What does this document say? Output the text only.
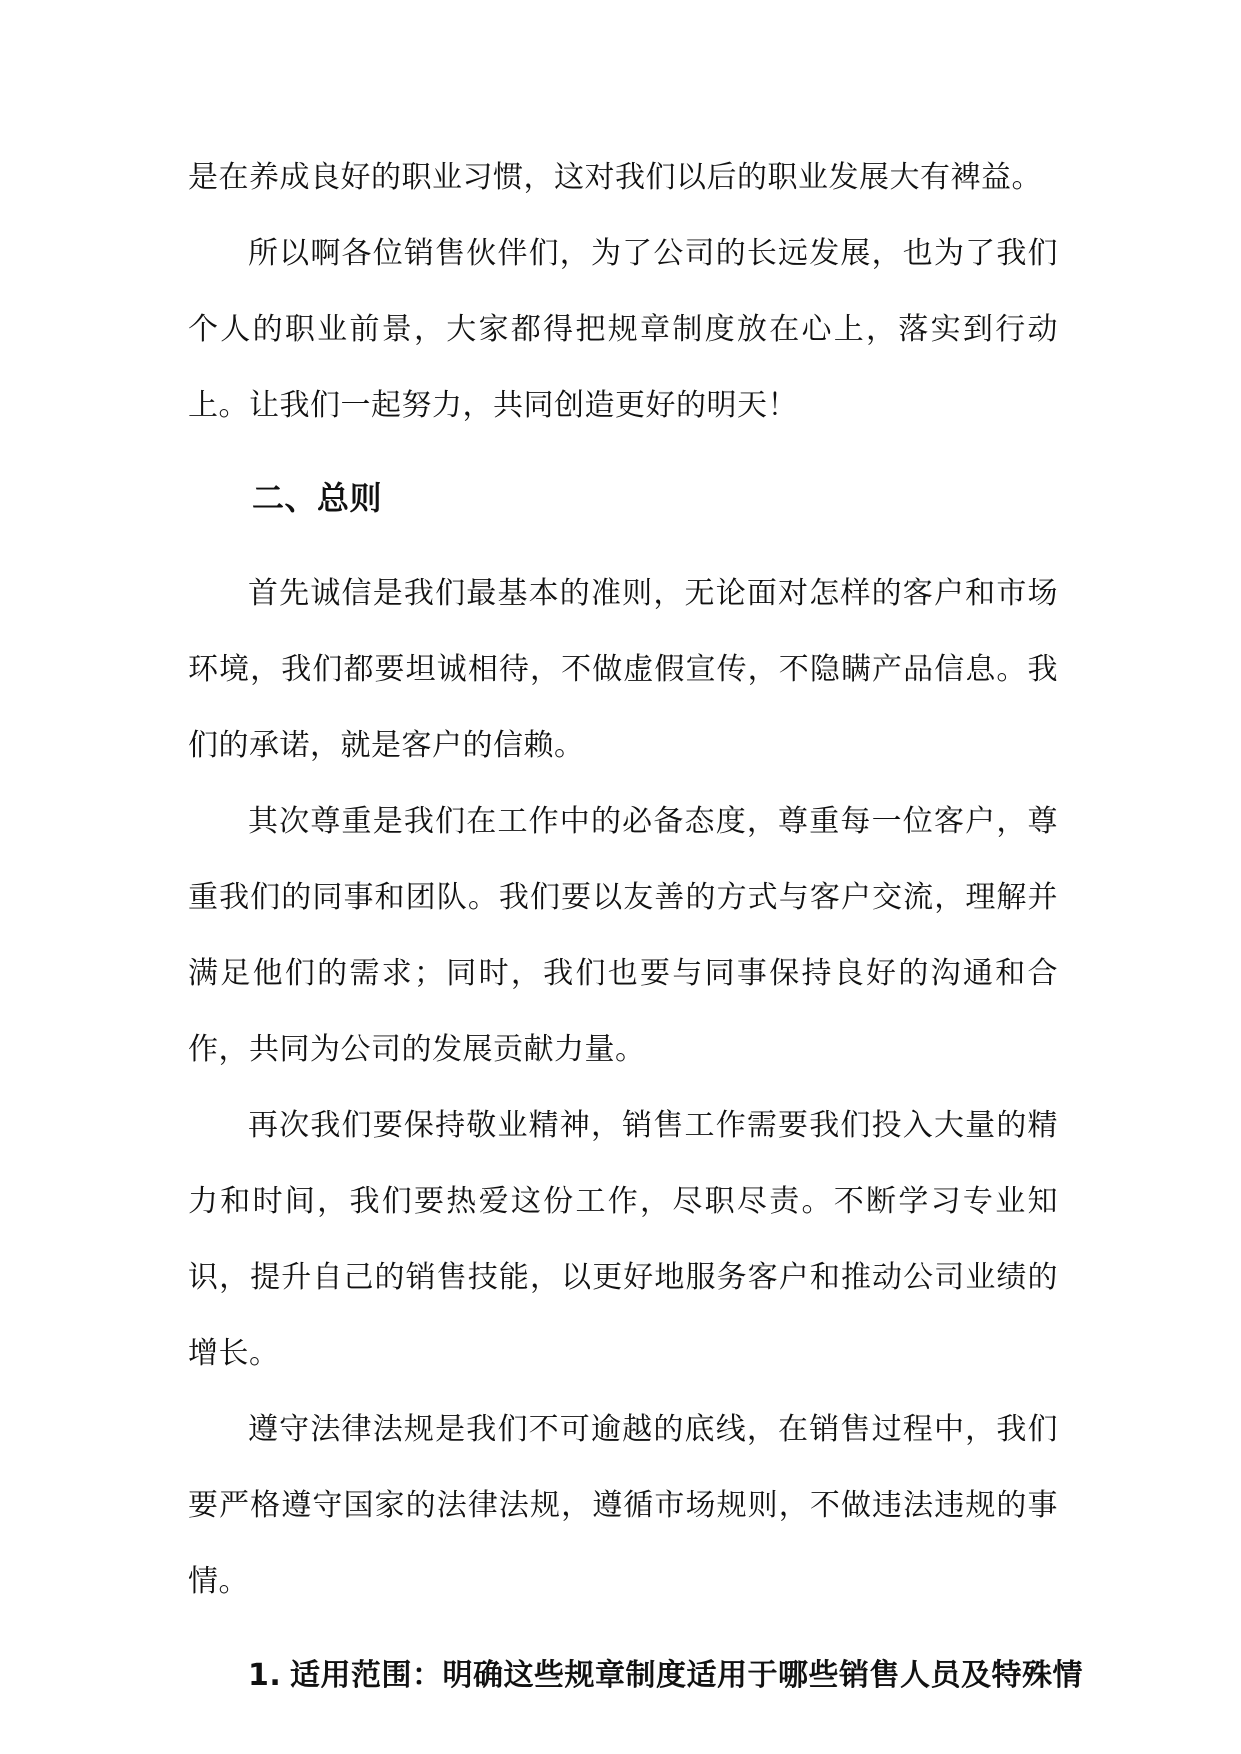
是在养成良好的职业习惯，这对我们以后的职业发展大有裨益。

所以啊各位销售伙伴们，为了公司的长远发展，也为了我们个人的职业前景，大家都得把规章制度放在心上，落实到行动上。让我们一起努力，共同创造更好的明天！

二、总则

首先诚信是我们最基本的准则，无论面对怎样的客户和市场环境，我们都要坦诚相待，不做虚假宣传，不隐瞒产品信息。我们的承诺，就是客户的信赖。

其次尊重是我们在工作中的必备态度，尊重每一位客户，尊重我们的同事和团队。我们要以友善的方式与客户交流，理解并满足他们的需求；同时，我们也要与同事保持良好的沟通和合作，共同为公司的发展贡献力量。

再次我们要保持敬业精神，销售工作需要我们投入大量的精力和时间，我们要热爱这份工作，尽职尽责。不断学习专业知识，提升自己的销售技能，以更好地服务客户和推动公司业绩的增长。

遵守法律法规是我们不可逾越的底线，在销售过程中，我们要严格遵守国家的法律法规，遵循市场规则，不做违法违规的事情。

1. 适用范围：明确这些规章制度适用于哪些销售人员及特殊情
